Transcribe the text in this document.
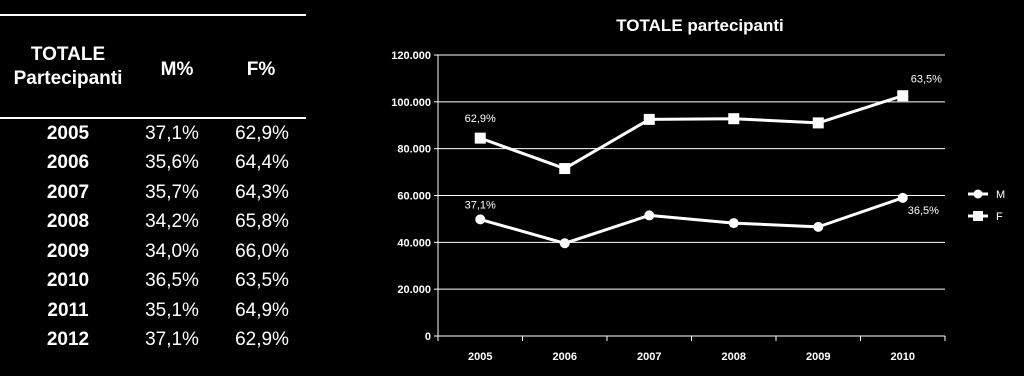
TOTALE
Partecipanti	M%	F%
2005	37,1%	62,9%
2006	35,6%	64,4%
2007	35,7%	64,3%
2008	34,2%	65,8%
2009	34,0%	66,0%
2010	36,5%	63,5%
2011	35,1%	64,9%
2012	37,1%	62,9%
TOTALE partecipanti
0
20.000
40.000
60.000
80.000
100.000
120.000
2005	2006	2007	2008	2009	2010
62,9%
63,5%
37,1%	36,5%
M
F
